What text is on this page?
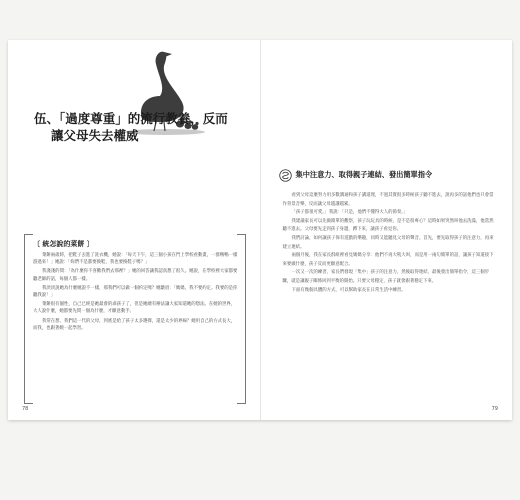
伍、「過度尊重」的流行教養，反而
讓父母失去權威
〔 統怎說的菜餅 〕

菜餅兩歲時，把鞋子丟進了洗衣機，她說：「每天下午，這三個小孩在門上學校看動畫，一群鴨鴨一樣游過來！」她說：「妳們不是都要換鞋，我也要換鞋子嗎？」

我淺淺的問：「為什麼你不喜歡我們去那裡？」她的回答讓我認真想了很久。她說，在學校裡大家都要聽老師的話，每個人都一樣。

我淡淡說她為什麼她說不一樣，那我們可以做一個約定嗎？她皺眉：「媽媽，我不要約定。我要的是你聽我說！」

菜餅很有個性，自己已經是她最會的乖孩子了，但是她總有辦法讓大家知道她的想法。在她的世界，大人說什麼，她都要先問一個為什麼，才願意動手。

我常在想，我們這一代的父母，到底是給了孩子太多選擇，還是太少的界線？她用自己的方式長大，而我，也跟著她一起學習。

78
集中注意力、取得親子連結、發出簡單指令

看到父母這麼努力用多數溝通和孩子講道理，不過其實很多時候孩子聽不進去，說再多的話他們也只會當作背景音樂，反而讓父母越講越累。

「孩子都很可愛。」我說：「只是，他們不懂得大人的節奏。」

我建議家長可以先做簡單的觀察，孩子玩玩具的時候，是不是很專心？這時如果突然叫他去洗澡，他當然聽不進去。父母要先走到孩子身邊，蹲下來，讓孩子看見你。

我們討論，如何讓孩子保有遊戲的樂趣，同時又能聽見父母的聲音。首先，要先取得孩子的注意力，再來建立連結。

兩個月後，我在家長群組裡看見媽媽分享：他們不再大吼大叫，而是用一兩句簡單的話，讓孩子知道接下來要做什麼，孩子反而更願意配合。

一次又一次的練習，家長們發現「集中」孩子的注意力，然後取得連結，最後發出簡單指令，這三個步驟，就是讓親子關係回到平衡的開始。只要父母穩定，孩子就會跟著穩定下來。

下面有幾個具體的方式，可以幫助家長在日常生活中練習。

79
